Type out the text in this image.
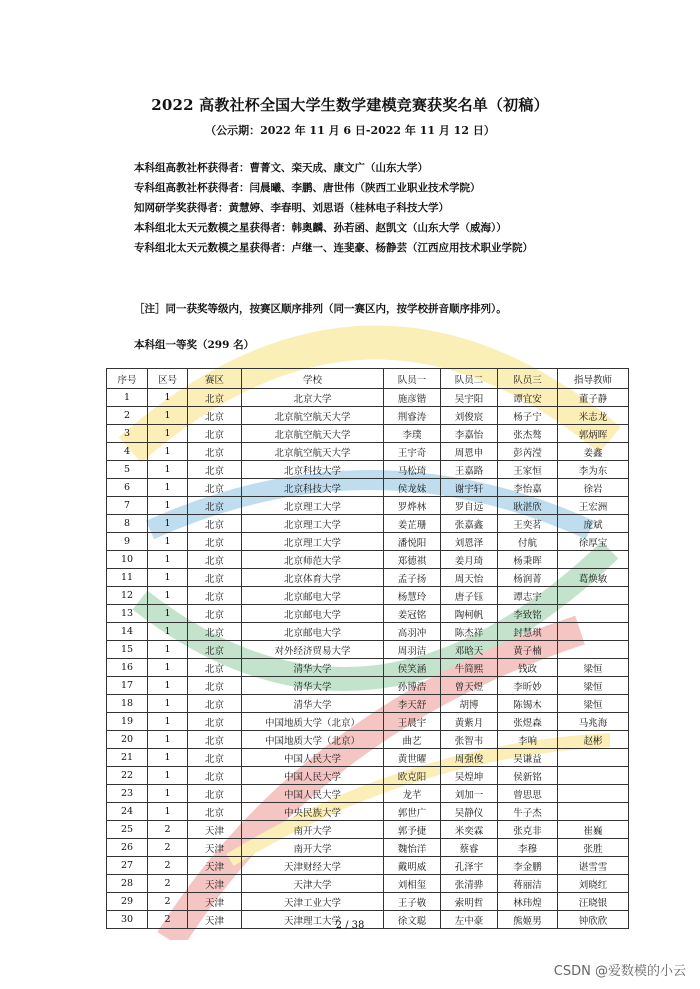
2022 高教社杯全国大学生数学建模竞赛获奖名单（初稿）
（公示期：2022 年 11 月 6 日-2022 年 11 月 12 日）
本科组高教社杯获得者：曹菁文、栾天成、康文广（山东大学）
专科组高教社杯获得者：闫晨曦、李鹏、唐世伟（陕西工业职业技术学院）
知网研学奖获得者：黄慧婷、李春明、刘思语（桂林电子科技大学）
本科组北太天元数模之星获得者：韩奥麟、孙若函、赵凯文（山东大学（威海））
专科组北太天元数模之星获得者：卢继一、连斐豪、杨静芸（江西应用技术职业学院）
［注］同一获奖等级内，按赛区顺序排列（同一赛区内，按学校拼音顺序排列）。
本科组一等奖（299 名）
序号	区号	赛区	学校	队员一	队员二	队员三	指导教师
1	1	北京	北京大学	施彦锴	吴宇阳	谭宜安	董子静
2	1	北京	北京航空航天大学	荆睿涛	刘俊宸	杨子宁	米志龙
3	1	北京	北京航空航天大学	李璞	李嘉怡	张杰骜	郭炳晖
4	1	北京	北京航空航天大学	王宇奇	周恩申	彭芮滢	姜鑫
5	1	北京	北京科技大学	马松琦	王嘉路	王家恒	李为东
6	1	北京	北京科技大学	侯龙妹	谢宇轩	李怡嘉	徐岩
7	1	北京	北京理工大学	罗烨林	罗自远	耿湛欣	王宏洲
8	1	北京	北京理工大学	姜芷珊	张嘉鑫	王奕茗	庞斌
9	1	北京	北京理工大学	潘悦阳	刘恩泽	付航	徐厚宝
10	1	北京	北京师范大学	郑德祺	姜月琦	杨秉晖	
11	1	北京	北京体育大学	孟子扬	周天怡	杨润菁	葛焕敏
12	1	北京	北京邮电大学	杨慧玲	唐子钰	谭志宇	
13	1	北京	北京邮电大学	姜冠铭	陶柯帆	李致铭	
14	1	北京	北京邮电大学	高羽冲	陈杰祥	封慧琪	
15	1	北京	对外经济贸易大学	周羽洁	邓晗天	黄子楠	
16	1	北京	清华大学	侯笑涵	牛简熙	钱政	梁恒
17	1	北京	清华大学	孙博浩	曾天煜	李昕妙	梁恒
18	1	北京	清华大学	李天舒	胡博	陈锡木	梁恒
19	1	北京	中国地质大学（北京）	王晨宇	黄紫月	张煜森	马兆海
20	1	北京	中国地质大学（北京）	曲艺	张智韦	李响	赵彬
21	1	北京	中国人民大学	黄世曜	周强俊	吴谦益	
22	1	北京	中国人民大学	欧克阳	吴煌坤	侯新铭	
23	1	北京	中国人民大学	龙芊	刘加一	曾思思	
24	1	北京	中央民族大学	郭世广	吴静仪	牛子杰	
25	2	天津	南开大学	郭予捷	米奕霖	张克非	崔巍
26	2	天津	南开大学	魏怡洋	蔡睿	李穆	张胜
27	2	天津	天津财经大学	戴明威	孔泽宇	李金鹏	谌雪雪
28	2	天津	天津大学	刘相玺	张清骅	蒋丽洁	刘晓红
29	2	天津	天津工业大学	王子敬	索明哲	林玮煌	汪晓银
30	2	天津	天津理工大学	徐文聪	左中豪	熊姬男	钟欣欣
2 / 38
CSDN @爱数模的小云
